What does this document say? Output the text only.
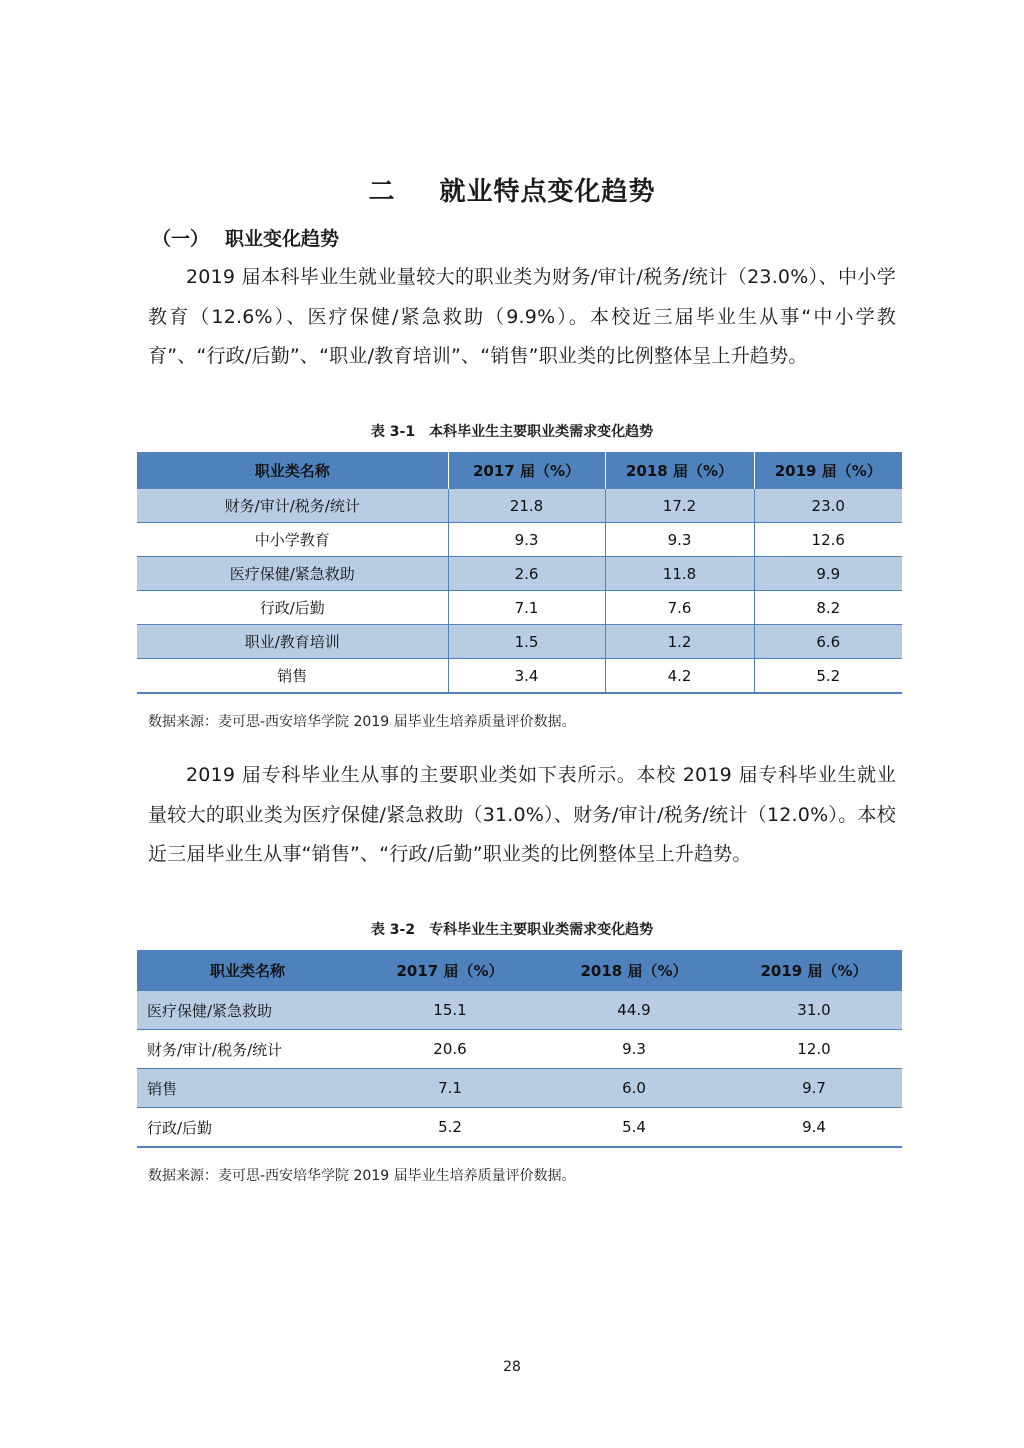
二 就业特点变化趋势
（一） 职业变化趋势

2019 届本科毕业生就业量较大的职业类为财务/审计/税务/统计（23.0%）、中小学教育（12.6%）、医疗保健/紧急救助（9.9%）。本校近三届毕业生从事“中小学教育”、“行政/后勤”、“职业/教育培训”、“销售”职业类的比例整体呈上升趋势。

表 3-1 本科毕业生主要职业类需求变化趋势
职业类名称	2017 届（%）	2018 届（%）	2019 届（%）
财务/审计/税务/统计	21.8	17.2	23.0
中小学教育	9.3	9.3	12.6
医疗保健/紧急救助	2.6	11.8	9.9
行政/后勤	7.1	7.6	8.2
职业/教育培训	1.5	1.2	6.6
销售	3.4	4.2	5.2
数据来源：麦可思-西安培华学院 2019 届毕业生培养质量评价数据。

2019 届专科毕业生从事的主要职业类如下表所示。本校 2019 届专科毕业生就业量较大的职业类为医疗保健/紧急救助（31.0%）、财务/审计/税务/统计（12.0%）。本校近三届毕业生从事“销售”、“行政/后勤”职业类的比例整体呈上升趋势。

表 3-2 专科毕业生主要职业类需求变化趋势
职业类名称	2017 届（%）	2018 届（%）	2019 届（%）
医疗保健/紧急救助	15.1	44.9	31.0
财务/审计/税务/统计	20.6	9.3	12.0
销售	7.1	6.0	9.7
行政/后勤	5.2	5.4	9.4
数据来源：麦可思-西安培华学院 2019 届毕业生培养质量评价数据。
28
